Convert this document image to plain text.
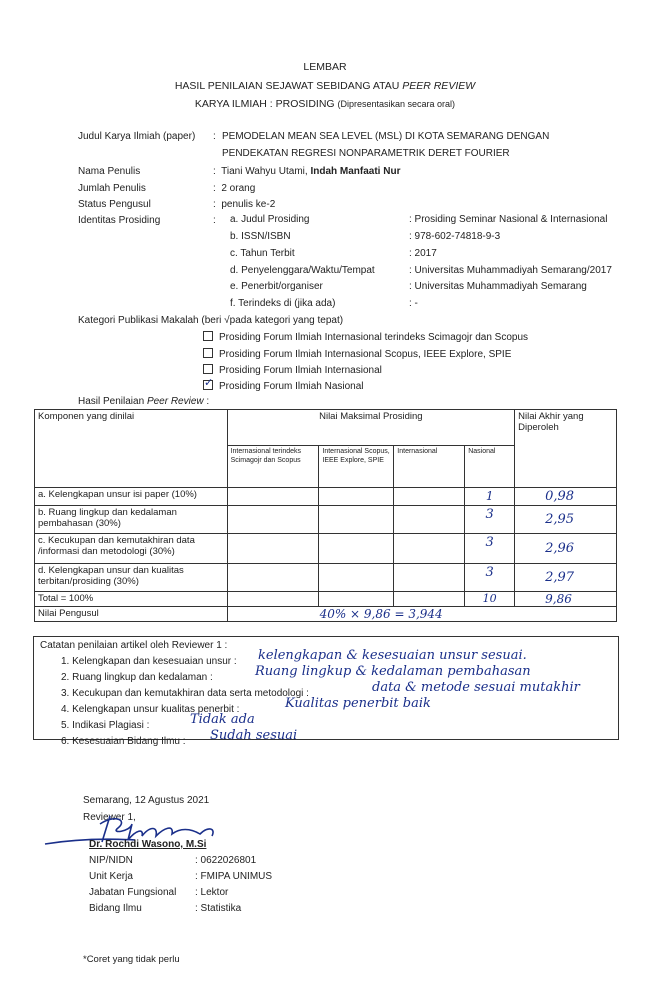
LEMBAR
HASIL PENILAIAN SEJAWAT SEBIDANG ATAU PEER REVIEW
KARYA ILMIAH : PROSIDING (Dipresentasikan secara oral)
Judul Karya Ilmiah (paper) : PEMODELAN MEAN SEA LEVEL (MSL) DI KOTA SEMARANG DENGAN
PENDEKATAN REGRESI NONPARAMETRIK DERET FOURIER
Nama Penulis	:  Tiani Wahyu Utami, Indah Manfaati Nur
Jumlah Penulis	:  2 orang
Status Pengusul	:  penulis ke-2
Identitas Prosiding	: a. Judul Prosiding	: Prosiding Seminar Nasional & Internasional
b. ISSN/ISBN	: 978-602-74818-9-3
c. Tahun Terbit	: 2017
d. Penyelenggara/Waktu/Tempat	: Universitas Muhammadiyah Semarang/2017
e. Penerbit/organiser	: Universitas Muhammadiyah Semarang
f. Terindeks di (jika ada)	: -
Kategori Publikasi Makalah (beri √pada kategori yang tepat)
Prosiding Forum Ilmiah Internasional terindeks Scimagojr dan Scopus
Prosiding Forum Ilmiah Internasional Scopus, IEEE Explore, SPIE
Prosiding Forum Ilmiah Internasional
✓Prosiding Forum Ilmiah Nasional
Hasil Penilaian Peer Review :
Komponen yang dinilai	Nilai Maksimal Prosiding				Nilai Akhir yang Diperoleh
	Internasional terindeks Scimagojr dan Scopus	Internasional Scopus, IEEE Explore, SPIE	Internasional	Nasional	
a. Kelengkapan unsur isi paper (10%)				1	0,98
b. Ruang lingkup dan kedalaman pembahasan (30%)				3	2,95
c. Kecukupan dan kemutakhiran data /informasi dan metodologi (30%)				3	2,96
d. Kelengkapan unsur dan kualitas terbitan/prosiding (30%)				3	2,97
Total = 100%				10	9,86
Nilai Pengusul	40% × 9,86 = 3,944				
Catatan penilaian artikel oleh Reviewer 1 :
1. Kelengkapan dan kesesuaian unsur : kelengkapan & kesesuaian unsur sesuai.
2. Ruang lingkup dan kedalaman :	Ruang lingkup & kedalaman pembahasan
3. Kecukupan dan kemutakhiran data serta metodologi :	data & metode sesuai mutakhir
4. Kelengkapan unsur kualitas penerbit :	Kualitas penerbit baik
5. Indikasi Plagiasi :	Tidak ada
6. Kesesuaian Bidang Ilmu : Sudah sesuai
Semarang, 12 Agustus 2021
Reviewer 1,
Dr. Rochdi Wasono, M.Si
NIP/NIDN	: 0622026801
Unit Kerja	: FMIPA UNIMUS
Jabatan Fungsional : Lektor
Bidang Ilmu	: Statistika
*Coret yang tidak perlu
